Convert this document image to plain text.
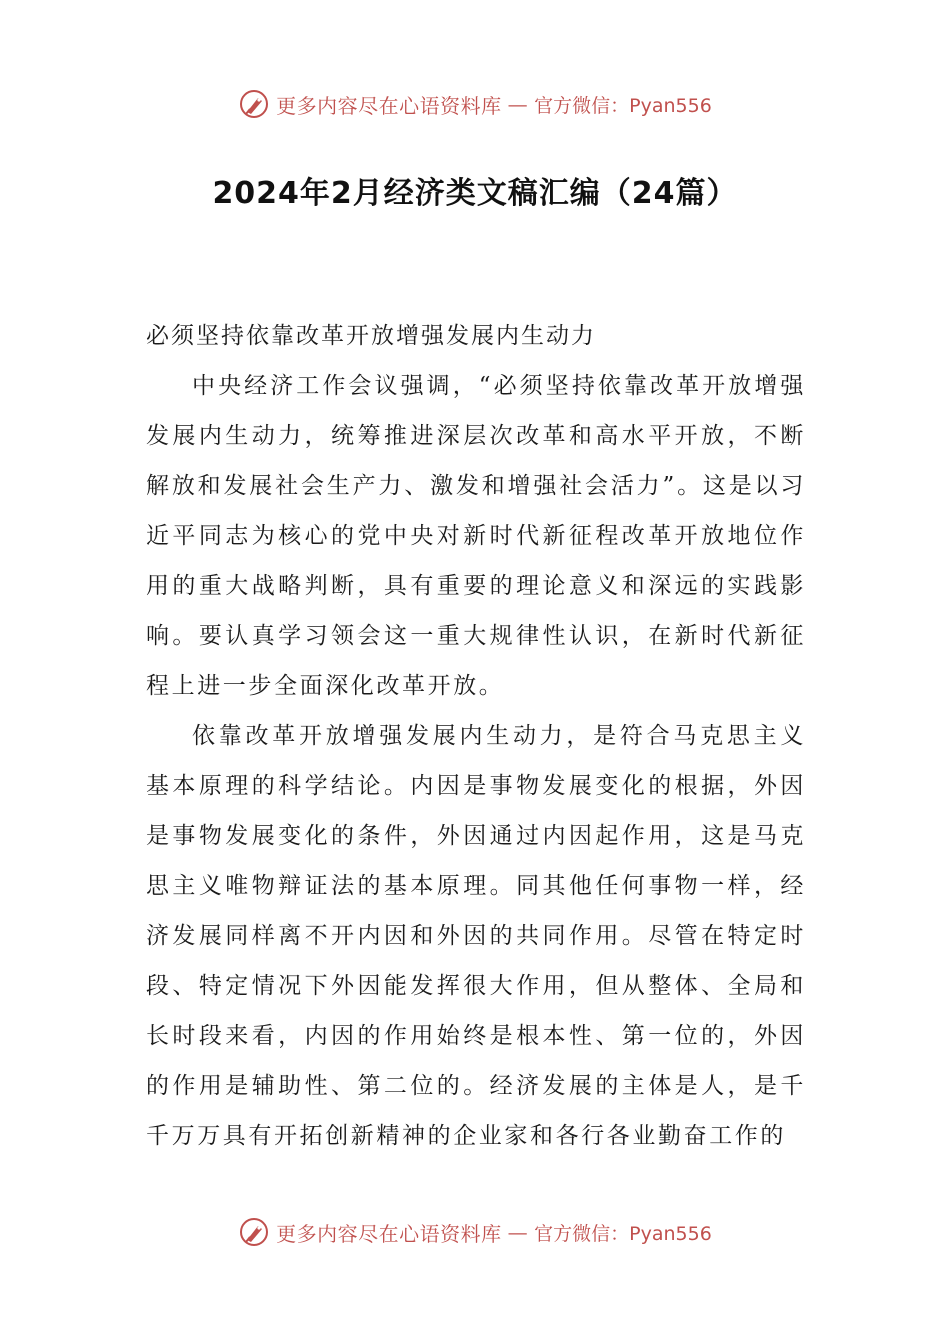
更多内容尽在心语资料库 — 官方微信：Pyan556
2024年2月经济类文稿汇编（24篇）
必须坚持依靠改革开放增强发展内生动力

中央经济工作会议强调，“必须坚持依靠改革开放增强发展内生动力，统筹推进深层次改革和高水平开放，不断解放和发展社会生产力、激发和增强社会活力”。这是以习近平同志为核心的党中央对新时代新征程改革开放地位作用的重大战略判断，具有重要的理论意义和深远的实践影响。要认真学习领会这一重大规律性认识，在新时代新征程上进一步全面深化改革开放。

依靠改革开放增强发展内生动力，是符合马克思主义基本原理的科学结论。内因是事物发展变化的根据，外因是事物发展变化的条件，外因通过内因起作用，这是马克思主义唯物辩证法的基本原理。同其他任何事物一样，经济发展同样离不开内因和外因的共同作用。尽管在特定时段、特定情况下外因能发挥很大作用，但从整体、全局和长时段来看，内因的作用始终是根本性、第一位的，外因的作用是辅助性、第二位的。经济发展的主体是人，是千千万万具有开拓创新精神的企业家和各行各业勤奋工作的

更多内容尽在心语资料库 — 官方微信：Pyan556
